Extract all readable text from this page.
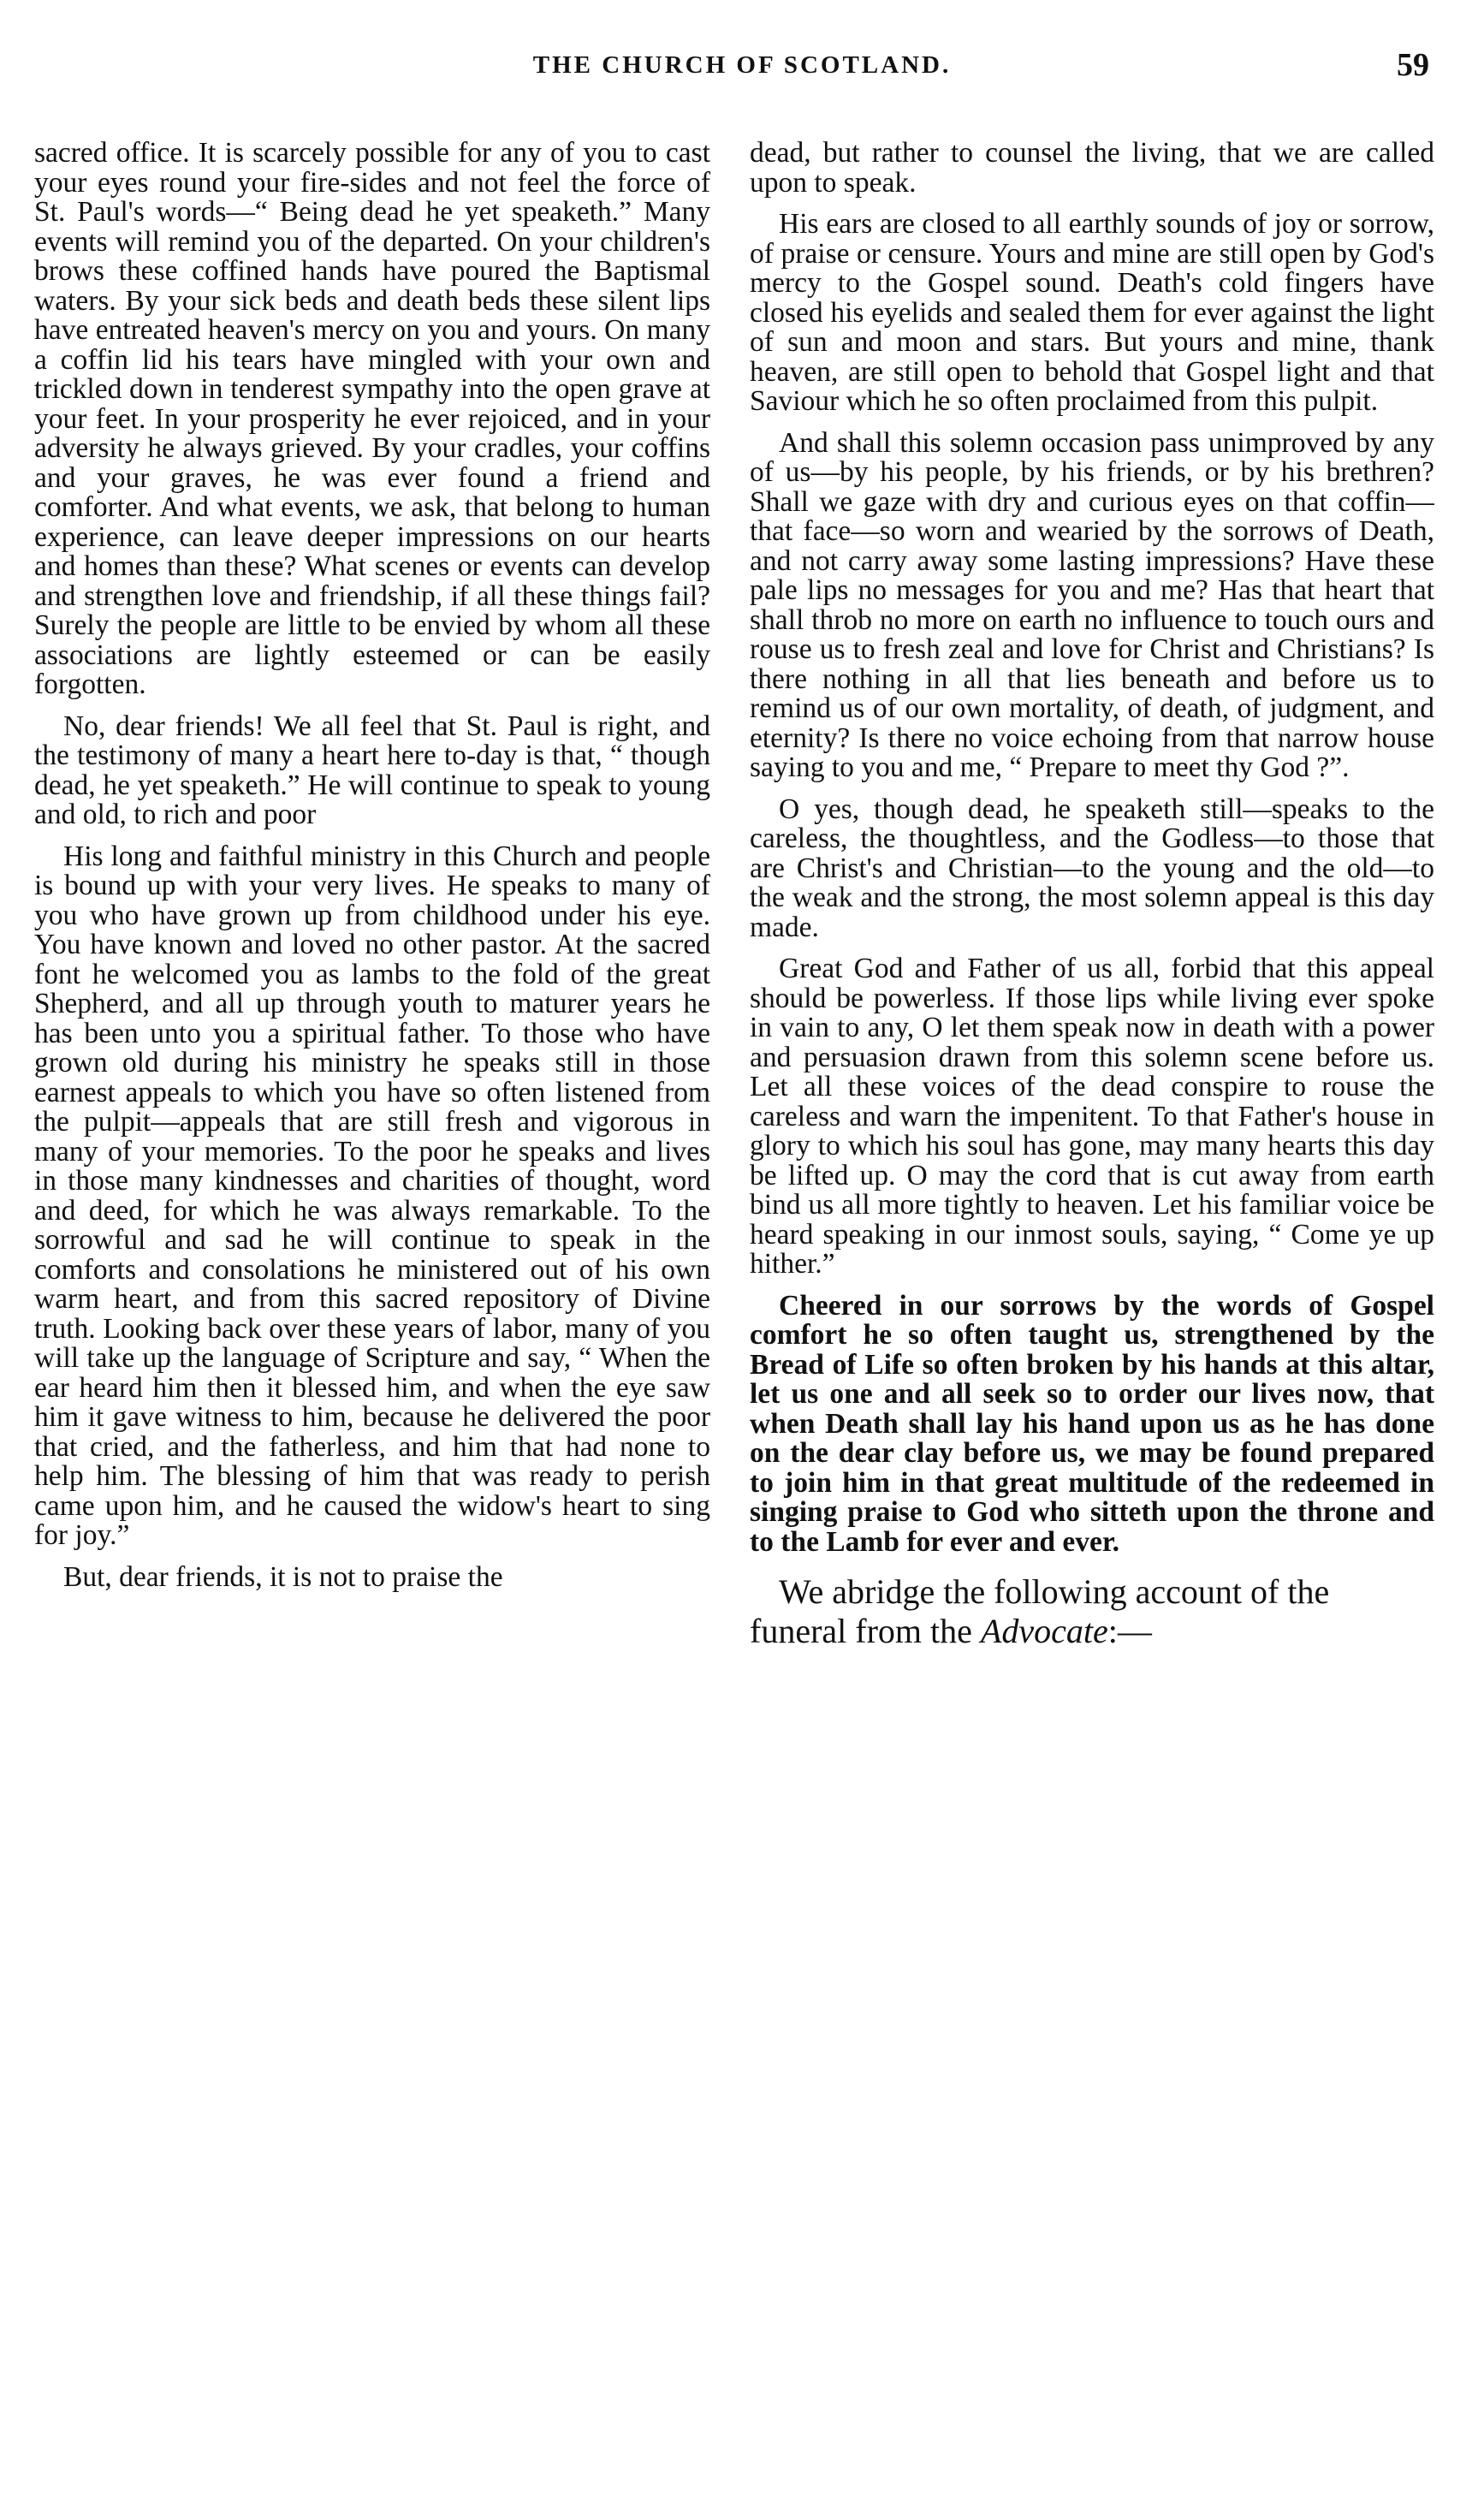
THE CHURCH OF SCOTLAND.	59

sacred office. It is scarcely possible for any of you to cast your eyes round your fire-sides and not feel the force of St. Paul's words—“ Being dead he yet speaketh.” Many events will remind you of the departed. On your children's brows these coffined hands have poured the Baptismal waters. By your sick beds and death beds these silent lips have entreated heaven's mercy on you and yours. On many a coffin lid his tears have mingled with your own and trickled down in tenderest sympathy into the open grave at your feet. In your prosperity he ever rejoiced, and in your adversity he always grieved. By your cradles, your coffins and your graves, he was ever found a friend and comforter. And what events, we ask, that belong to human experience, can leave deeper impressions on our hearts and homes than these? What scenes or events can develop and strengthen love and friendship, if all these things fail? Surely the people are little to be envied by whom all these associations are lightly esteemed or can be easily forgotten.

No, dear friends! We all feel that St. Paul is right, and the testimony of many a heart here to-day is that, “ though dead, he yet speaketh.” He will continue to speak to young and old, to rich and poor

His long and faithful ministry in this Church and people is bound up with your very lives. He speaks to many of you who have grown up from childhood under his eye. You have known and loved no other pastor. At the sacred font he welcomed you as lambs to the fold of the great Shepherd, and all up through youth to maturer years he has been unto you a spiritual father. To those who have grown old during his ministry he speaks still in those earnest appeals to which you have so often listened from the pulpit—appeals that are still fresh and vigorous in many of your memories. To the poor he speaks and lives in those many kindnesses and charities of thought, word and deed, for which he was always remarkable. To the sorrowful and sad he will continue to speak in the comforts and consolations he ministered out of his own warm heart, and from this sacred repository of Divine truth. Looking back over these years of labor, many of you will take up the language of Scripture and say, “ When the ear heard him then it blessed him, and when the eye saw him it gave witness to him, because he delivered the poor that cried, and the fatherless, and him that had none to help him. The blessing of him that was ready to perish came upon him, and he caused the widow's heart to sing for joy.”

But, dear friends, it is not to praise the

dead, but rather to counsel the living, that we are called upon to speak.

His ears are closed to all earthly sounds of joy or sorrow, of praise or censure. Yours and mine are still open by God's mercy to the Gospel sound. Death's cold fingers have closed his eyelids and sealed them for ever against the light of sun and moon and stars. But yours and mine, thank heaven, are still open to behold that Gospel light and that Saviour which he so often proclaimed from this pulpit.

And shall this solemn occasion pass unimproved by any of us—by his people, by his friends, or by his brethren? Shall we gaze with dry and curious eyes on that coffin—that face—so worn and wearied by the sorrows of Death, and not carry away some lasting impressions? Have these pale lips no messages for you and me? Has that heart that shall throb no more on earth no influence to touch ours and rouse us to fresh zeal and love for Christ and Christians? Is there nothing in all that lies beneath and before us to remind us of our own mortality, of death, of judgment, and eternity? Is there no voice echoing from that narrow house saying to you and me, “ Prepare to meet thy God ?”.

O yes, though dead, he speaketh still—speaks to the careless, the thoughtless, and the Godless—to those that are Christ's and Christian—to the young and the old—to the weak and the strong, the most solemn appeal is this day made.

Great God and Father of us all, forbid that this appeal should be powerless. If those lips while living ever spoke in vain to any, O let them speak now in death with a power and persuasion drawn from this solemn scene before us. Let all these voices of the dead conspire to rouse the careless and warn the impenitent. To that Father's house in glory to which his soul has gone, may many hearts this day be lifted up. O may the cord that is cut away from earth bind us all more tightly to heaven. Let his familiar voice be heard speaking in our inmost souls, saying, “ Come ye up hither.”

Cheered in our sorrows by the words of Gospel comfort he so often taught us, strengthened by the Bread of Life so often broken by his hands at this altar, let us one and all seek so to order our lives now, that when Death shall lay his hand upon us as he has done on the dear clay before us, we may be found prepared to join him in that great multitude of the redeemed in singing praise to God who sitteth upon the throne and to the Lamb for ever and ever.

We abridge the following account of the funeral from the Advocate:—
